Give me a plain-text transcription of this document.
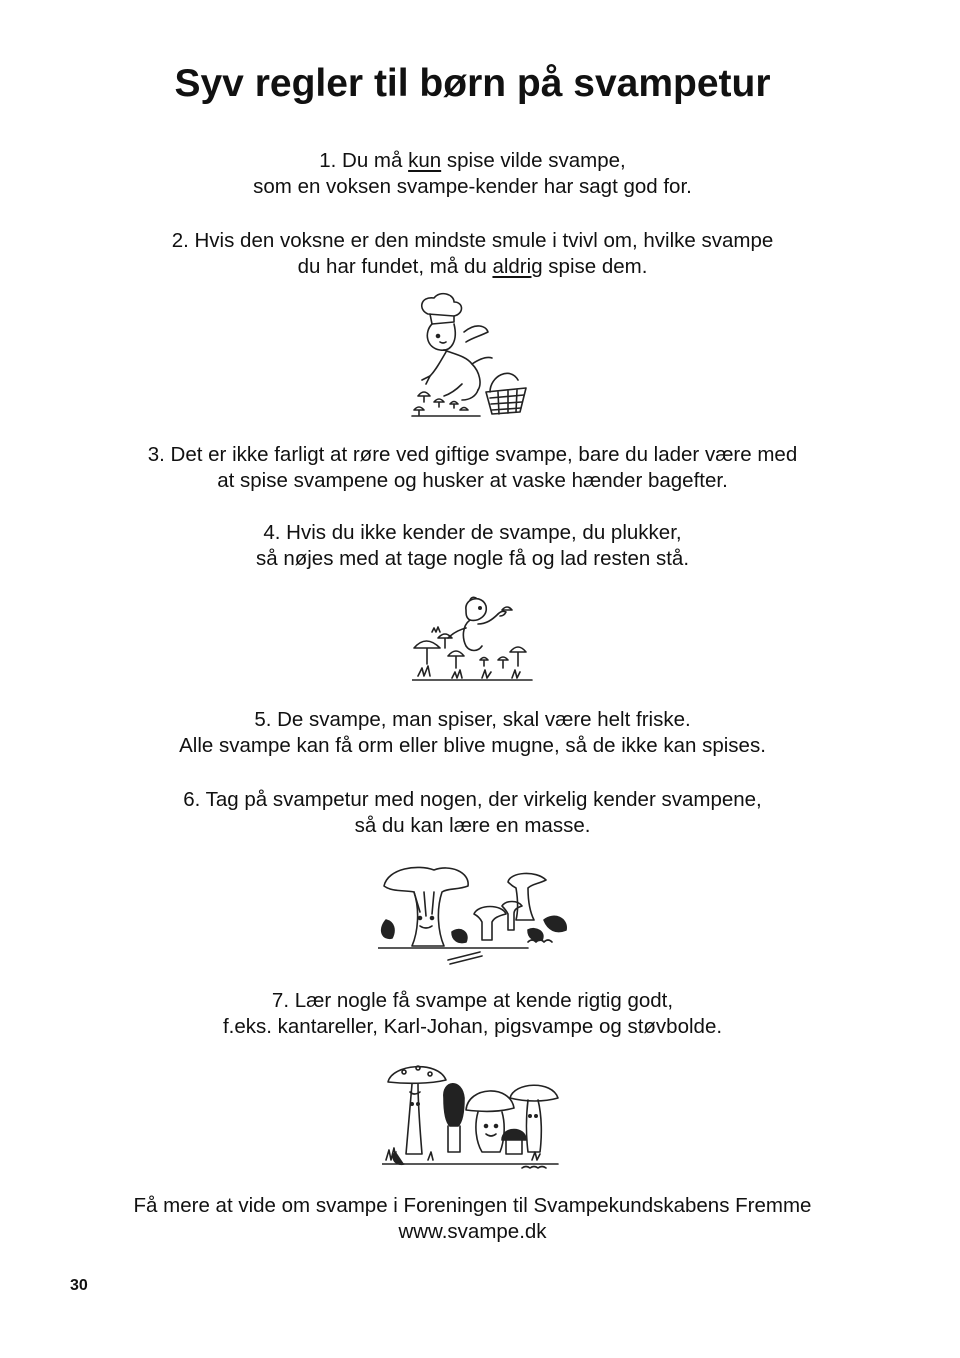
Syv regler til børn på svampetur

1. Du må kun spise vilde svampe,
som en voksen svampe-kender har sagt god for.

2. Hvis den voksne er den mindste smule i tvivl om, hvilke svampe
du har fundet, må du aldrig spise dem.

3. Det er ikke farligt at røre ved giftige svampe, bare du lader være med
at spise svampene og husker at vaske hænder bagefter.

4. Hvis du ikke kender de svampe, du plukker,
så nøjes med at tage nogle få og lad resten stå.

5. De svampe, man spiser, skal være helt friske.
Alle svampe kan få orm eller blive mugne, så de ikke kan spises.

6. Tag på svampetur med nogen, der virkelig kender svampene,
så du kan lære en masse.

7. Lær nogle få svampe at kende rigtig godt,
f.eks. kantareller, Karl-Johan, pigsvampe og støvbolde.

Få mere at vide om svampe i Foreningen til Svampekundskabens Fremme
www.svampe.dk
30
